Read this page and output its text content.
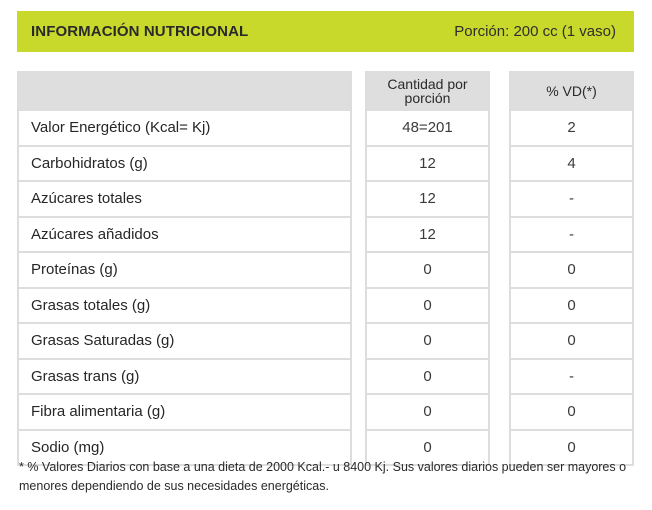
INFORMACIÓN NUTRICIONAL	Porción: 200 cc (1 vaso)
Valor Energético (Kcal= Kj)
Carbohidratos (g)
Azúcares totales
Azúcares añadidos
Proteínas (g)
Grasas totales (g)
Grasas Saturadas (g)
Grasas trans (g)
Fibra alimentaria (g)
Sodio (mg)
Cantidad por
porción
48=201
12
12
12
0
0
0
0
0
0
% VD(*)
2
4
-
-
0
0
0
-
0
0
* % Valores Diarios con base a una dieta de 2000 Kcal.- u 8400 Kj. Sus valores diarios pueden ser mayores o menores dependiendo de sus necesidades energéticas.
